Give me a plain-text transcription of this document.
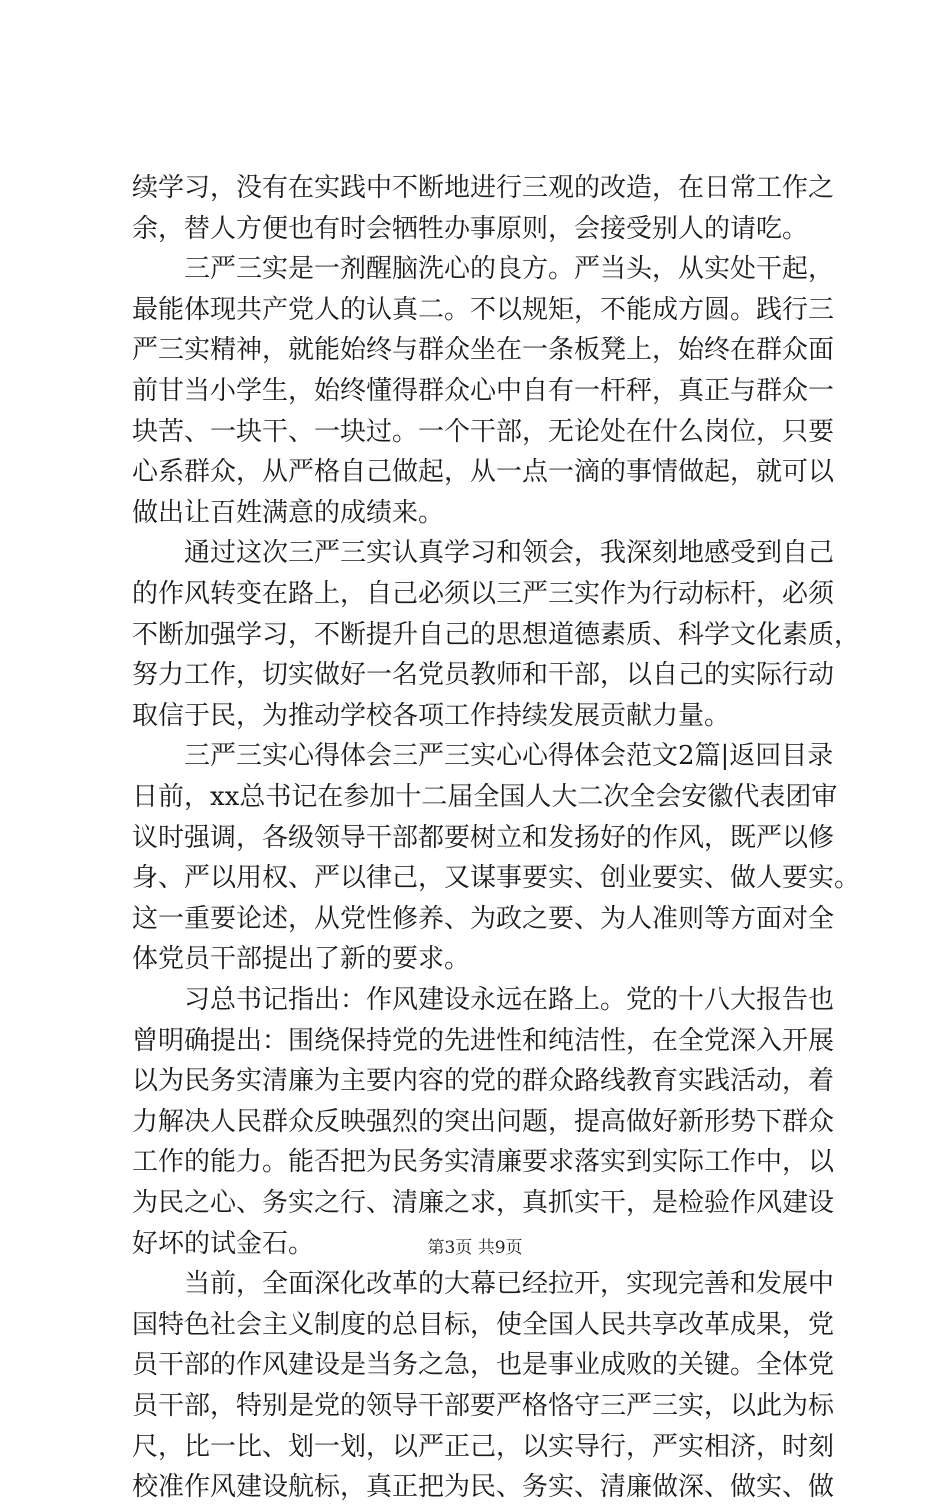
续学习，没有在实践中不断地进行三观的改造，在日常工作之
余，替人方便也有时会牺牲办事原则，会接受别人的请吃。
三严三实是一剂醒脑洗心的良方。严当头，从实处干起，
最能体现共产党人的认真二。不以规矩，不能成方圆。践行三
严三实精神，就能始终与群众坐在一条板凳上，始终在群众面
前甘当小学生，始终懂得群众心中自有一杆秤，真正与群众一
块苦、一块干、一块过。一个干部，无论处在什么岗位，只要
心系群众，从严格自己做起，从一点一滴的事情做起，就可以
做出让百姓满意的成绩来。
通过这次三严三实认真学习和领会，我深刻地感受到自己
的作风转变在路上，自己必须以三严三实作为行动标杆，必须
不断加强学习，不断提升自己的思想道德素质、科学文化素质，
努力工作，切实做好一名党员教师和干部，以自己的实际行动
取信于民，为推动学校各项工作持续发展贡献力量。
三严三实心得体会三严三实心心得体会范文2篇|返回目录
日前，xx总书记在参加十二届全国人大二次全会安徽代表团审
议时强调，各级领导干部都要树立和发扬好的作风，既严以修
身、严以用权、严以律己，又谋事要实、创业要实、做人要实。
这一重要论述，从党性修养、为政之要、为人准则等方面对全
体党员干部提出了新的要求。
习总书记指出：作风建设永远在路上。党的十八大报告也
曾明确提出：围绕保持党的先进性和纯洁性，在全党深入开展
以为民务实清廉为主要内容的党的群众路线教育实践活动，着
力解决人民群众反映强烈的突出问题，提高做好新形势下群众
工作的能力。能否把为民务实清廉要求落实到实际工作中，以
为民之心、务实之行、清廉之求，真抓实干，是检验作风建设
好坏的试金石。
当前，全面深化改革的大幕已经拉开，实现完善和发展中
国特色社会主义制度的总目标，使全国人民共享改革成果，党
员干部的作风建设是当务之急，也是事业成败的关键。全体党
员干部，特别是党的领导干部要严格恪守三严三实，以此为标
尺，比一比、划一划，以严正己，以实导行，严实相济，时刻
校准作风建设航标，真正把为民、务实、清廉做深、做实、做
第3页 共9页
